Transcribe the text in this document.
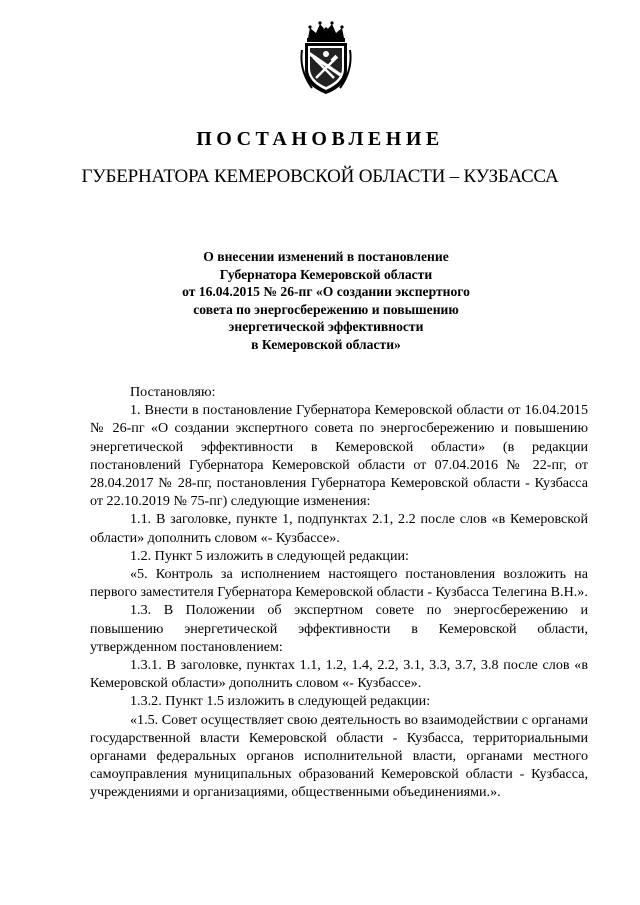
ПОСТАНОВЛЕНИЕ
ГУБЕРНАТОРА КЕМЕРОВСКОЙ ОБЛАСТИ – КУЗБАССА
О внесении изменений в постановление
Губернатора Кемеровской области
от 16.04.2015 № 26-пг «О создании экспертного
совета по энергосбережению и повышению
энергетической эффективности
в Кемеровской области»

Постановляю:

1. Внести в постановление Губернатора Кемеровской области от 16.04.2015 № 26-пг «О создании экспертного совета по энергосбережению и повышению энергетической эффективности в Кемеровской области» (в редакции постановлений Губернатора Кемеровской области от 07.04.2016 № 22-пг, от 28.04.2017 № 28-пг, постановления Губернатора Кемеровской области - Кузбасса от 22.10.2019 № 75-пг) следующие изменения:

1.1. В заголовке, пункте 1, подпунктах 2.1, 2.2 после слов «в Кемеровской области» дополнить словом «- Кузбассе».

1.2. Пункт 5 изложить в следующей редакции:

«5. Контроль за исполнением настоящего постановления возложить на первого заместителя Губернатора Кемеровской области - Кузбасса Телегина В.Н.».

1.3. В Положении об экспертном совете по энергосбережению и повышению энергетической эффективности в Кемеровской области, утвержденном постановлением:

1.3.1. В заголовке, пунктах 1.1, 1.2, 1.4, 2.2, 3.1, 3.3, 3.7, 3.8 после слов «в Кемеровской области» дополнить словом «- Кузбассе».

1.3.2. Пункт 1.5 изложить в следующей редакции:

«1.5. Совет осуществляет свою деятельность во взаимодействии с органами государственной власти Кемеровской области - Кузбасса, территориальными органами федеральных органов исполнительной власти, органами местного самоуправления муниципальных образований Кемеровской области - Кузбасса, учреждениями и организациями, общественными объединениями.».
